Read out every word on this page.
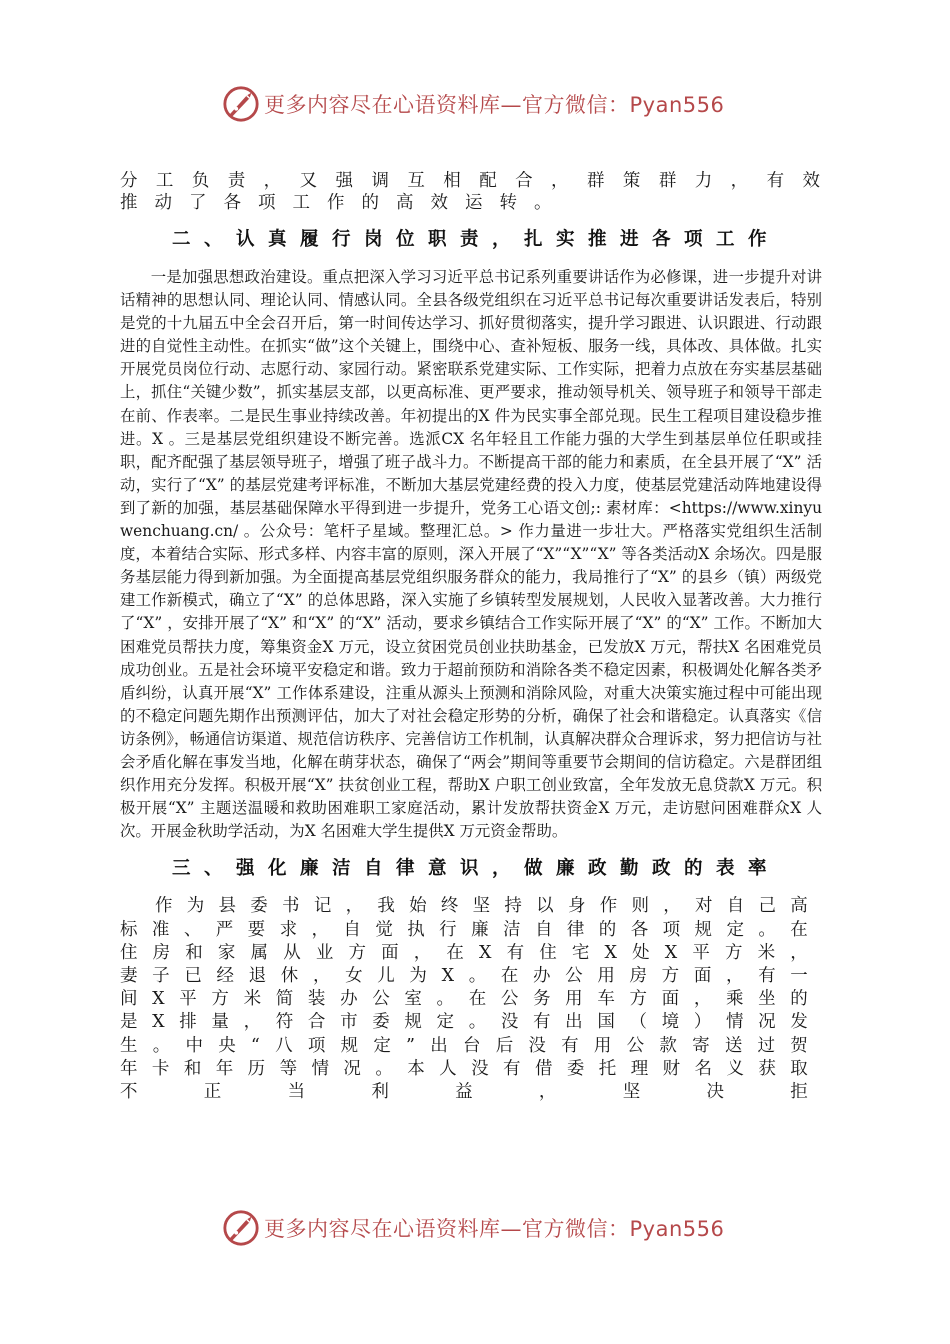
更多内容尽在心语资料库—官方微信：Pyan556
分工负责，又强调互相配合，群策群力，有效
推动了各项工作的高效运转。
二、认真履行岗位职责，扎实推进各项工作

一是加强思想政治建设。重点把深入学习习近平总书记系列重要讲话作为必修课，进一步提升对讲话精神的思想认同、理论认同、情感认同。全县各级党组织在习近平总书记每次重要讲话发表后，特别是党的十九届五中全会召开后，第一时间传达学习、抓好贯彻落实，提升学习跟进、认识跟进、行动跟进的自觉性主动性。在抓实“做”这个关键上，围绕中心、查补短板、服务一线，具体改、具体做。扎实开展党员岗位行动、志愿行动、家园行动。紧密联系党建实际、工作实际，把着力点放在夯实基层基础上，抓住“关键少数”，抓实基层支部，以更高标准、更严要求，推动领导机关、领导班子和领导干部走在前、作表率。二是民生事业持续改善。年初提出的X 件为民实事全部兑现。民生工程项目建设稳步推进。X 。三是基层党组织建设不断完善。选派CX 名年轻且工作能力强的大学生到基层单位任职或挂职，配齐配强了基层领导班子，增强了班子战斗力。不断提高干部的能力和素质，在全县开展了“X” 活动，实行了“X” 的基层党建考评标准，不断加大基层党建经费的投入力度，使基层党建活动阵地建设得到了新的加强，基层基础保障水平得到进一步提升，党务工心语文创;: 素材库：<https://www.xinyuwenchuang.cn/ 。公众号：笔杆子星域。整理汇总。> 作力量进一步壮大。严格落实党组织生活制度，本着结合实际、形式多样、内容丰富的原则，深入开展了“X”“X”“X” 等各类活动X 余场次。四是服务基层能力得到新加强。为全面提高基层党组织服务群众的能力，我局推行了“X” 的县乡（镇）两级党建工作新模式，确立了“X” 的总体思路，深入实施了乡镇转型发展规划，人民收入显著改善。大力推行了“X” ，安排开展了“X” 和“X” 的“X” 活动，要求乡镇结合工作实际开展了“X” 的“X” 工作。不断加大困难党员帮扶力度，筹集资金X 万元，设立贫困党员创业扶助基金，已发放X 万元，帮扶X 名困难党员成功创业。五是社会环境平安稳定和谐。致力于超前预防和消除各类不稳定因素，积极调处化解各类矛盾纠纷，认真开展“X” 工作体系建设，注重从源头上预测和消除风险，对重大决策实施过程中可能出现的不稳定问题先期作出预测评估，加大了对社会稳定形势的分析，确保了社会和谐稳定。认真落实《信访条例》，畅通信访渠道、规范信访秩序、完善信访工作机制，认真解决群众合理诉求，努力把信访与社会矛盾化解在事发当地，化解在萌芽状态，确保了“两会”期间等重要节会期间的信访稳定。六是群团组织作用充分发挥。积极开展“X” 扶贫创业工程，帮助X 户职工创业致富，全年发放无息贷款X 万元。积极开展“X” 主题送温暖和救助困难职工家庭活动，累计发放帮扶资金X 万元，走访慰问困难群众X 人次。开展金秋助学活动，为X 名困难大学生提供X 万元资金帮助。

三、强化廉洁自律意识，做廉政勤政的表率

作为县委书记，我始终坚持以身作则，对自己高标准、严要求，自觉执行廉洁自律的各项规定。在住房和家属从业方面，在X有住宅X处X平方米，妻子已经退休，女儿为X。在办公用房方面，有一间X平方米简装办公室。在公务用车方面，乘坐的是X排量，符合市委规定。没有出国（境）情况发生。中央“八项规定”出台后没有用公款寄送过贺年卡和年历等情况。本人没有借委托理财名义获取不正当利益，坚决拒

更多内容尽在心语资料库—官方微信：Pyan556
